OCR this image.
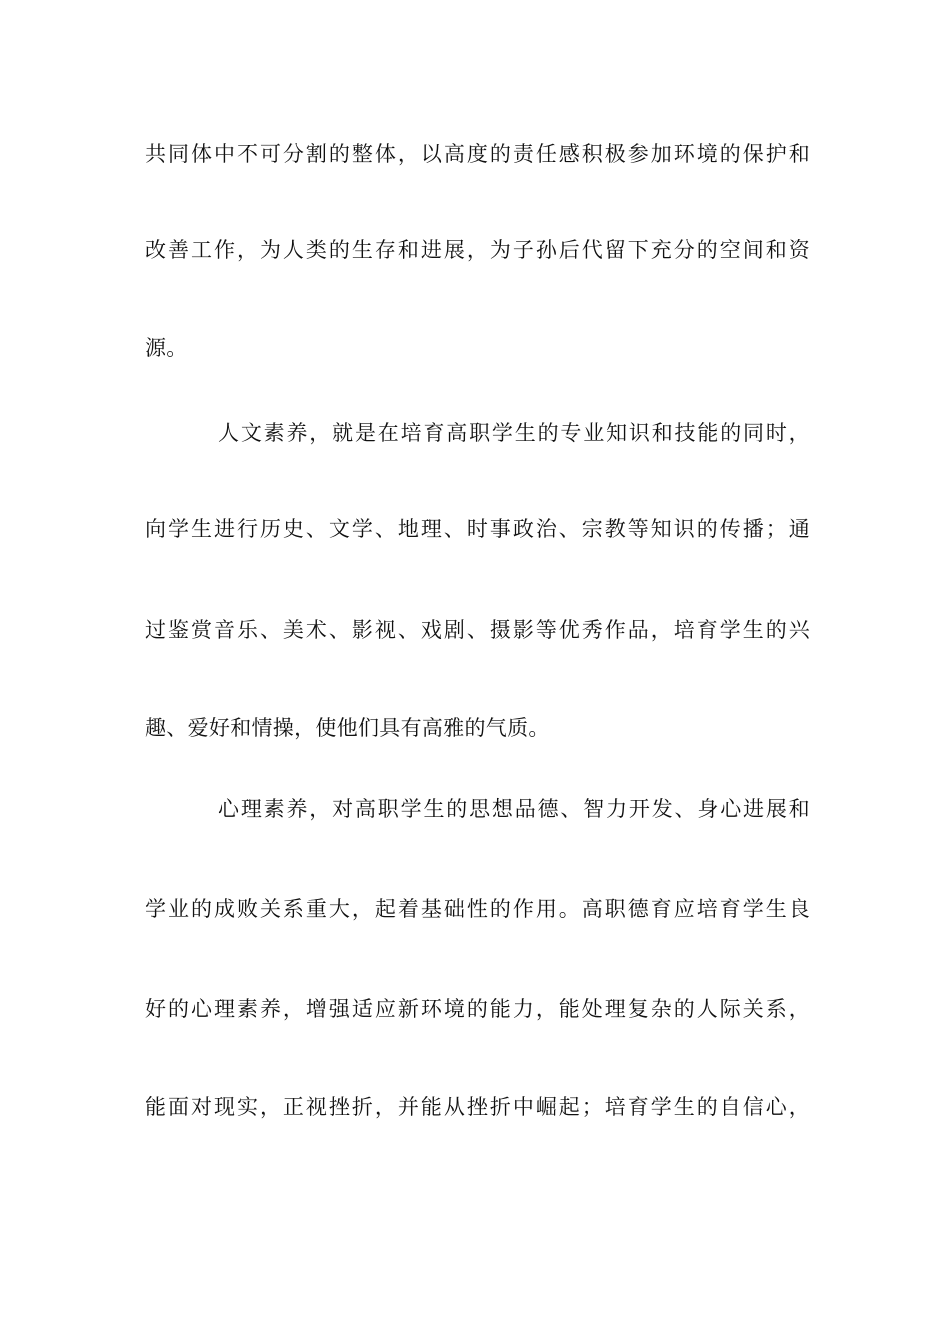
共同体中不可分割的整体，以高度的责任感积极参加环境的保护和
改善工作，为人类的生存和进展，为子孙后代留下充分的空间和资
源。
人文素养，就是在培育高职学生的专业知识和技能的同时，
向学生进行历史、文学、地理、时事政治、宗教等知识的传播；通
过鉴赏音乐、美术、影视、戏剧、摄影等优秀作品，培育学生的兴
趣、爱好和情操，使他们具有高雅的气质。
心理素养，对高职学生的思想品德、智力开发、身心进展和
学业的成败关系重大，起着基础性的作用。高职德育应培育学生良
好的心理素养，增强适应新环境的能力，能处理复杂的人际关系，
能面对现实，正视挫折，并能从挫折中崛起；培育学生的自信心，
